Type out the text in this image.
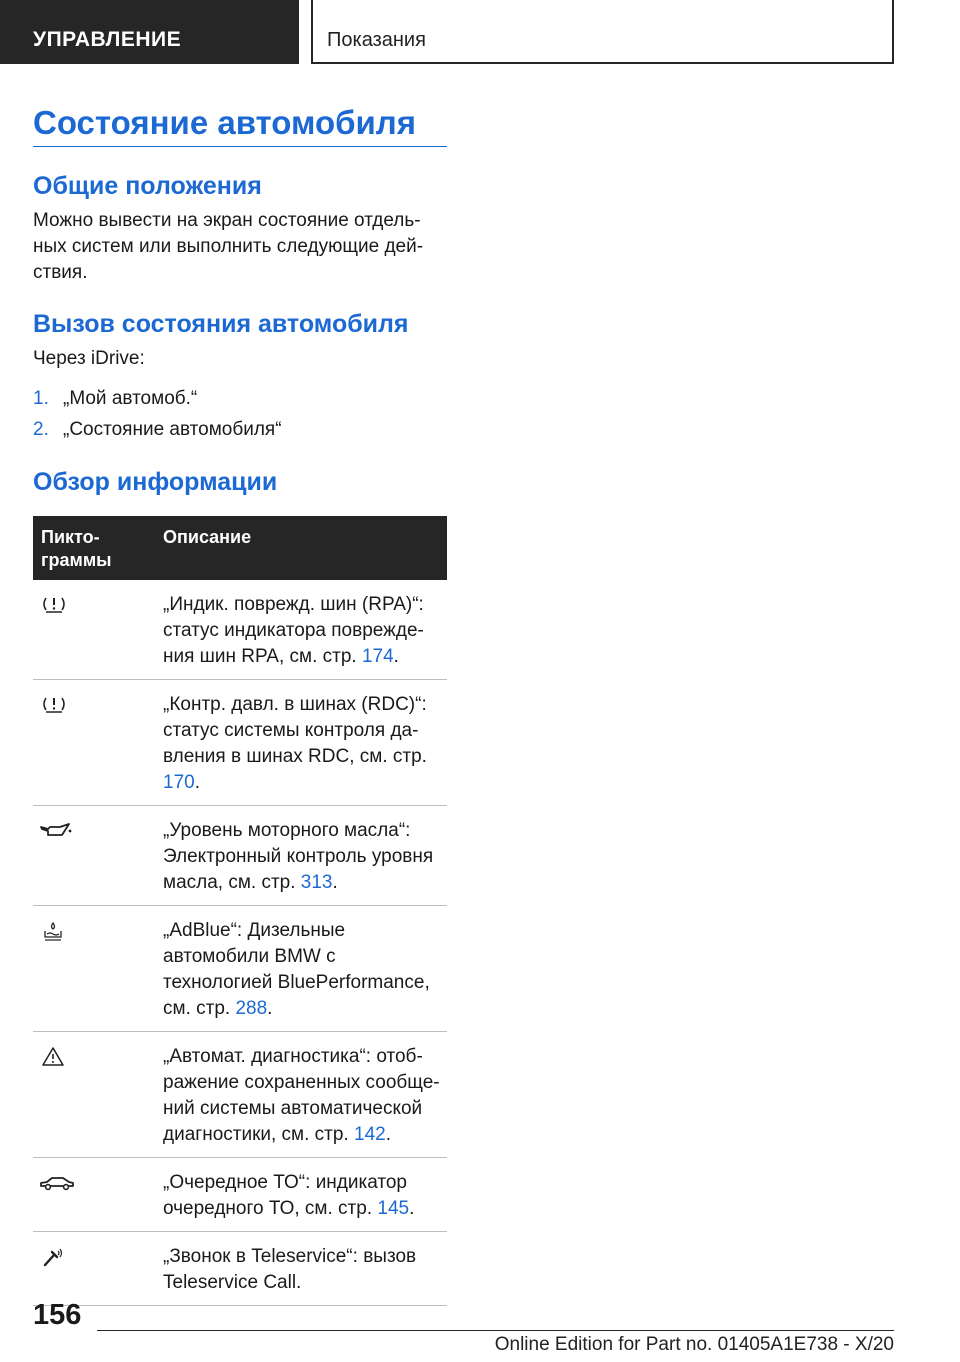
УПРАВЛЕНИЕ	Показания
Состояние автомобиля
Общие положения

Можно вывести на экран состояние отдель-ных систем или выполнить следующие дей-ствия.

Вызов состояния автомобиля

Через iDrive:

1. „Мой автомоб.“
2. „Состояние автомобиля“
Обзор информации
Пикто-
граммы
Описание
„Индик. поврежд. шин (RPA)“: статус индикатора поврежде-ния шин RPA, см. стр. 174.
„Контр. давл. в шинах (RDC)“: статус системы контроля да-вления в шинах RDC, см. стр. 170.
„Уровень моторного масла“: Электронный контроль уровня масла, см. стр. 313.
„AdBlue“: Дизельные автомобили BMW с технологией BluePerformance, см. стр. 288.
„Автомат. диагностика“: отоб-ражение сохраненных сообще-ний системы автоматической диагностики, см. стр. 142.
„Очередное ТО“: индикатор очередного ТО, см. стр. 145.
„Звонок в Teleservice“: вызов Teleservice Call.
156
Online Edition for Part no. 01405A1E738 - X/20
